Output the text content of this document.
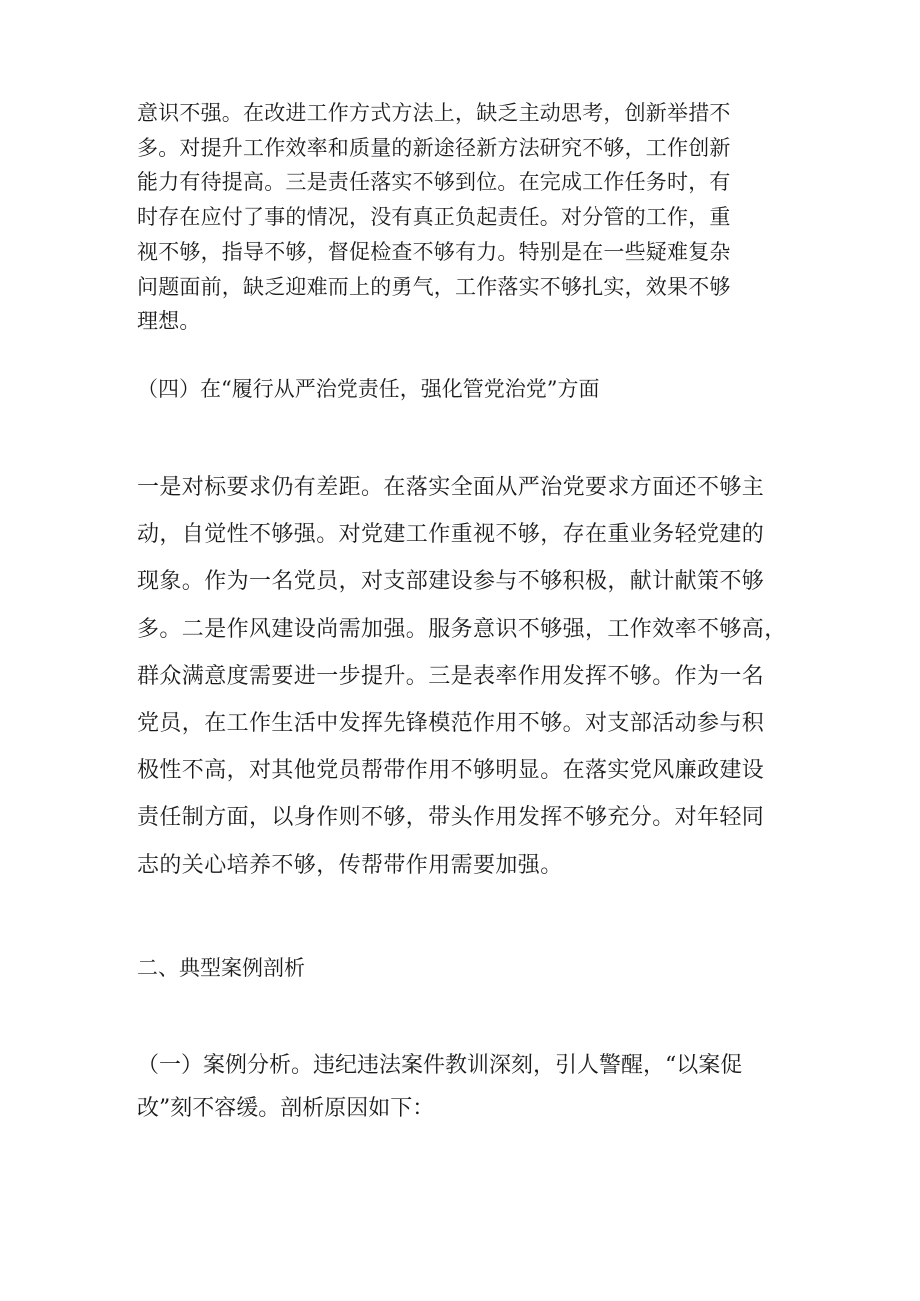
意识不强。在改进工作方式方法上，缺乏主动思考，创新举措不
多。对提升工作效率和质量的新途径新方法研究不够，工作创新
能力有待提高。三是责任落实不够到位。在完成工作任务时，有
时存在应付了事的情况，没有真正负起责任。对分管的工作，重
视不够，指导不够，督促检查不够有力。特别是在一些疑难复杂
问题面前，缺乏迎难而上的勇气，工作落实不够扎实，效果不够
理想。
（四）在“履行从严治党责任，强化管党治党”方面
一是对标要求仍有差距。在落实全面从严治党要求方面还不够主
动，自觉性不够强。对党建工作重视不够，存在重业务轻党建的
现象。作为一名党员，对支部建设参与不够积极，献计献策不够
多。二是作风建设尚需加强。服务意识不够强，工作效率不够高，
群众满意度需要进一步提升。三是表率作用发挥不够。作为一名
党员，在工作生活中发挥先锋模范作用不够。对支部活动参与积
极性不高，对其他党员帮带作用不够明显。在落实党风廉政建设
责任制方面，以身作则不够，带头作用发挥不够充分。对年轻同
志的关心培养不够，传帮带作用需要加强。
二、典型案例剖析
（一）案例分析。违纪违法案件教训深刻，引人警醒，“以案促
改”刻不容缓。剖析原因如下：
